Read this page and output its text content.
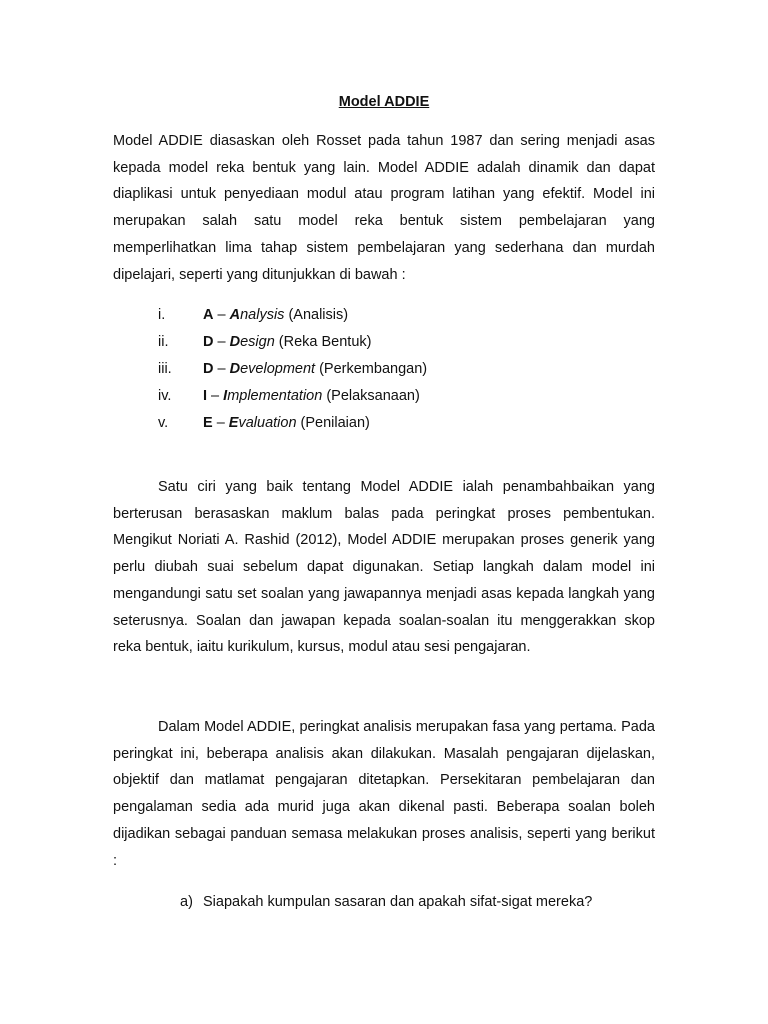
Model ADDIE

Model ADDIE diasaskan oleh Rosset pada tahun 1987 dan sering menjadi asas kepada model reka bentuk yang lain. Model ADDIE adalah dinamik dan dapat diaplikasi untuk penyediaan modul atau program latihan yang efektif. Model ini merupakan salah satu model reka bentuk sistem pembelajaran yang memperlihatkan lima tahap sistem pembelajaran yang sederhana dan murdah dipelajari, seperti yang ditunjukkan di bawah :

i.	A – Analysis (Analisis)
ii. D – Design (Reka Bentuk)
iii. D – Development (Perkembangan)
iv. I – Implementation (Pelaksanaan)
v. E – Evaluation (Penilaian)

Satu ciri yang baik tentang Model ADDIE ialah penambahbaikan yang berterusan berasaskan maklum balas pada peringkat proses pembentukan. Mengikut Noriati A. Rashid (2012), Model ADDIE merupakan proses generik yang perlu diubah suai sebelum dapat digunakan. Setiap langkah dalam model ini mengandungi satu set soalan yang jawapannya menjadi asas kepada langkah yang seterusnya. Soalan dan jawapan kepada soalan-soalan itu menggerakkan skop reka bentuk, iaitu kurikulum, kursus, modul atau sesi pengajaran.

Dalam Model ADDIE, peringkat analisis merupakan fasa yang pertama. Pada peringkat ini, beberapa analisis akan dilakukan. Masalah pengajaran dijelaskan, objektif dan matlamat pengajaran ditetapkan. Persekitaran pembelajaran dan pengalaman sedia ada murid juga akan dikenal pasti. Beberapa soalan boleh dijadikan sebagai panduan semasa melakukan proses analisis, seperti yang berikut :

a) Siapakah kumpulan sasaran dan apakah sifat-sigat mereka?
